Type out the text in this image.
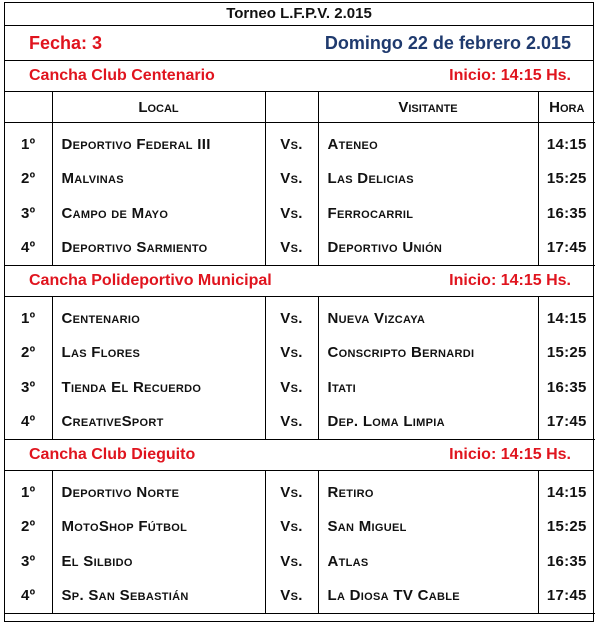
Torneo L.F.P.V. 2.015
Fecha: 3	Domingo 22 de febrero 2.015
Cancha Club Centenario	Inicio: 14:15 Hs.
	Local		Visitante	Hora
1º	Deportivo Federal III	Vs.	Ateneo	14:15
2º	Malvinas	Vs.	Las Delicias	15:25
3º	Campo de Mayo	Vs.	Ferrocarril	16:35
4º	Deportivo Sarmiento	Vs.	Deportivo Unión	17:45
Cancha Polideportivo Municipal	Inicio: 14:15 Hs.
1º	Centenario	Vs.	Nueva Vizcaya	14:15
2º	Las Flores	Vs.	Conscripto Bernardi	15:25
3º	Tienda El Recuerdo	Vs.	Itati	16:35
4º	CreativeSport	Vs.	Dep. Loma Limpia	17:45
Cancha Club Dieguito	Inicio: 14:15 Hs.
1º	Deportivo Norte	Vs.	Retiro	14:15
2º	MotoShop Fútbol	Vs.	San Miguel	15:25
3º	El Silbido	Vs.	Atlas	16:35
4º	Sp. San Sebastián	Vs.	La Diosa TV Cable	17:45
